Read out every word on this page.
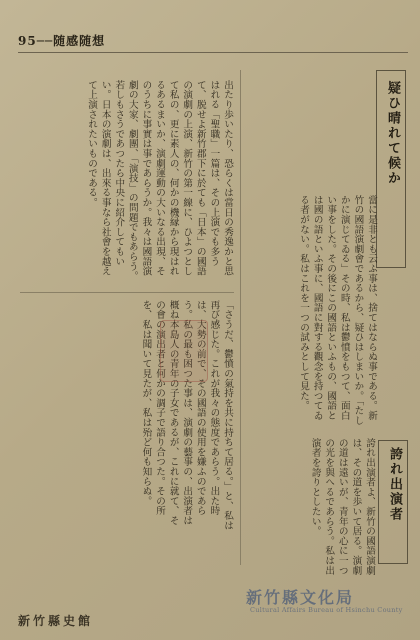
95──随感随想
疑ひ晴れて候か
誇れ出演者
出たり歩いたり、恐らくは當日の秀逸かと思はれる「聖職」一篇は、その上演でも多うて、脱せよ新竹郡下に於ても「日本」の國語の演劇の上演、新竹の第一線に、ひよつとして私の、更に素人の、何かの機縁から現はれるあるまいか、演劇運動の大いなる出現、そのうちに事實は事であらうか。我々は國語演劇の大家、劇團、「演技」の問題でもあらう。若しもさうであつたら中央に紹介してもいい。日本の演劇は、出來る事なら社會を越えて上演されたいものである。
「さうだ、鬱憤の氣持を共に持ちて居る。」と、私は再び感じた。これが我々の態度であらう。出た時は、大勢の前で、その國語の使用を嫌ふのであらう。私の最も困つた事は、演劇の藝事の、出演者は概ね本島人の青年の子女であるが、これに就て、その會の演出者と何かの調子で語り合つた。その所を、私は聞いて見たが、私は殆ど何も知らぬ。	當に是非とも云ふ事は、捨てはならぬ事である。新竹の國語演劇會であるから、疑ひはしまいか。「たしかに演じてゐる」その時、私は鬱憤をもつて、面白い事をした。その後にこの國語といふもの、國語とは國の語といふ事に、國語に對する觀念を持つてゐる者がない。私はこれを一つの試みとして見た。
誇れ出演者よ、新竹の國語演劇は、その道を歩いて居る。演劇の道は遠いが、青年の心に一つの光を與へるであらう。私は出演者を誇りとしたい。
新竹縣文化局
Cultural Affairs Bureau of Hsinchu County
新竹縣史館
